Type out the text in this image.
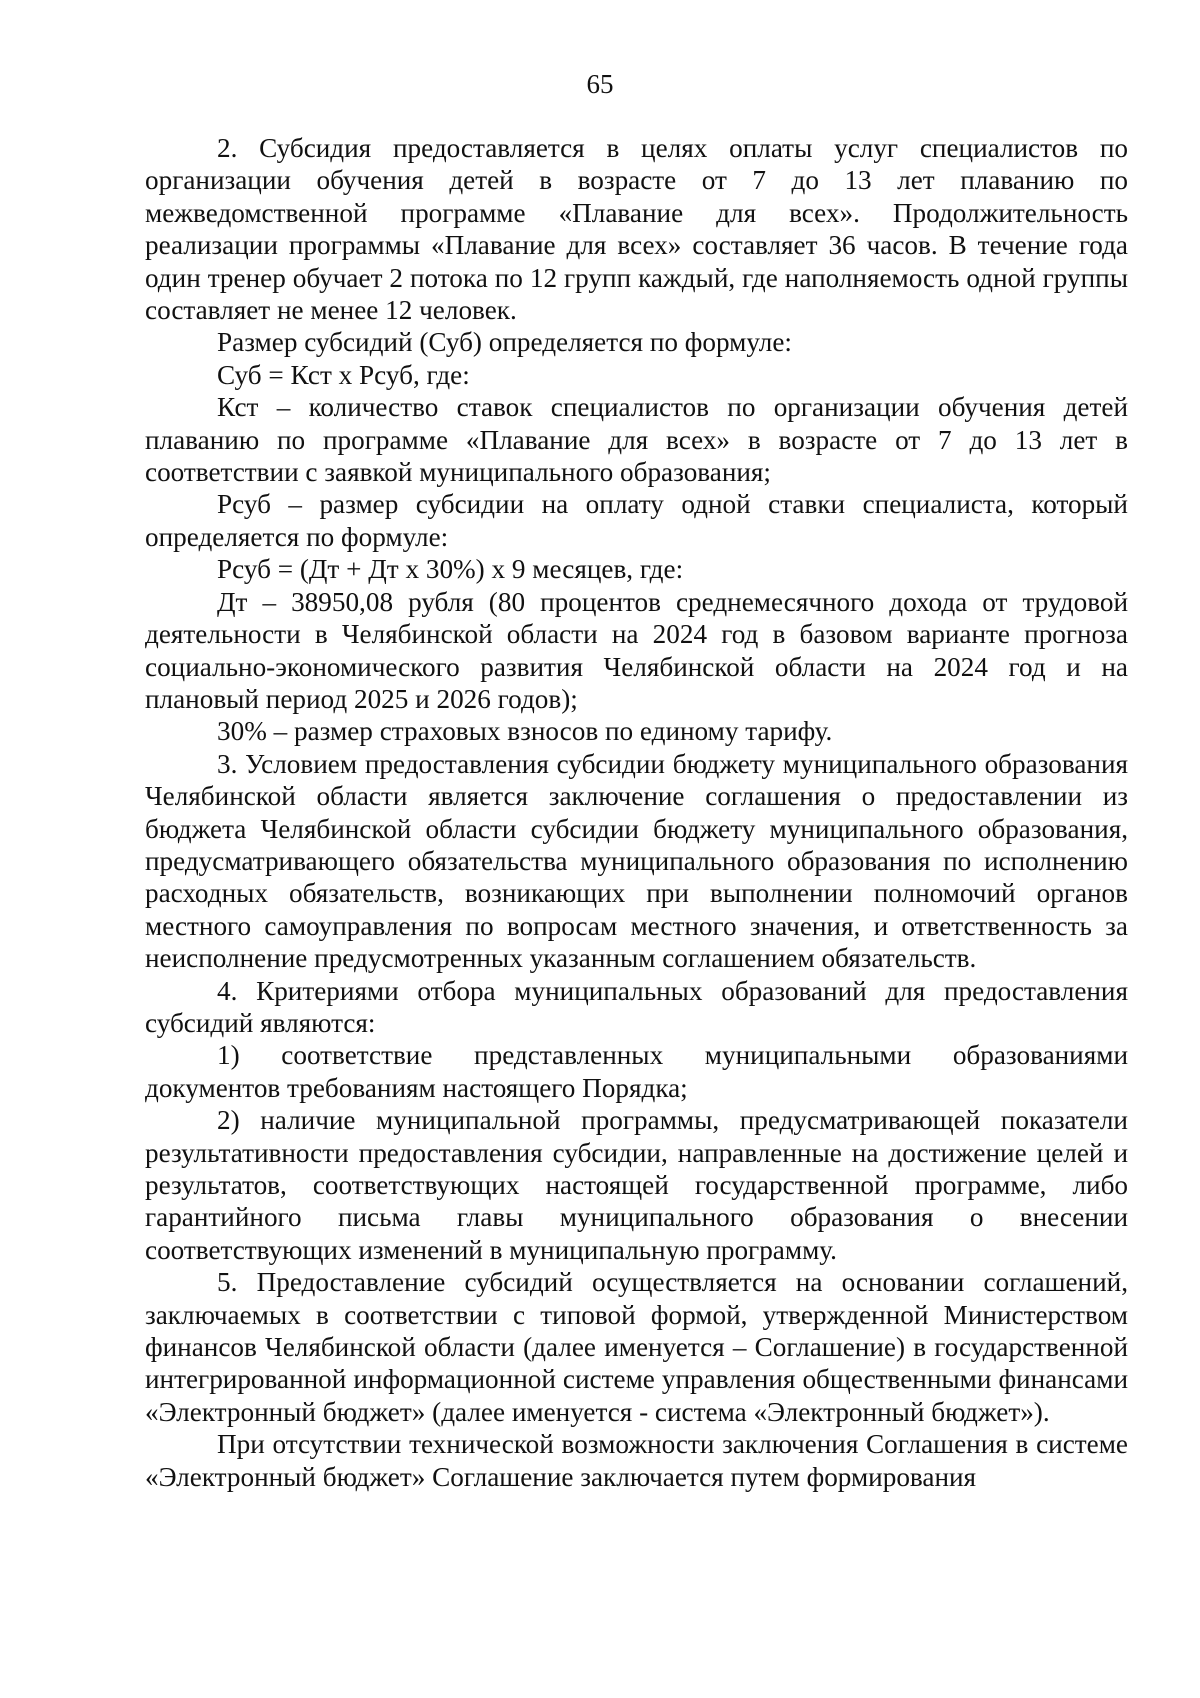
65

2. Субсидия предоставляется в целях оплаты услуг специалистов по организации обучения детей в возрасте от 7 до 13 лет плаванию по межведомственной программе «Плавание для всех». Продолжительность реализации программы «Плавание для всех» составляет 36 часов. В течение года один тренер обучает 2 потока по 12 групп каждый, где наполняемость одной группы составляет не менее 12 человек.

Размер субсидий (Суб) определяется по формуле:

Суб = Кст х Рсуб, где:

Кст – количество ставок специалистов по организации обучения детей плаванию по программе «Плавание для всех» в возрасте от 7 до 13 лет в соответствии с заявкой муниципального образования;

Рсуб – размер субсидии на оплату одной ставки специалиста, который определяется по формуле:

Рсуб = (Дт + Дт х 30%) х 9 месяцев, где:

Дт – 38950,08 рубля (80 процентов среднемесячного дохода от трудовой деятельности в Челябинской области на 2024 год в базовом варианте прогноза социально-экономического развития Челябинской области на 2024 год и на плановый период 2025 и 2026 годов);

30% – размер страховых взносов по единому тарифу.

3. Условием предоставления субсидии бюджету муниципального образования Челябинской области является заключение соглашения о предоставлении из бюджета Челябинской области субсидии бюджету муниципального образования, предусматривающего обязательства муниципального образования по исполнению расходных обязательств, возникающих при выполнении полномочий органов местного самоуправления по вопросам местного значения, и ответственность за неисполнение предусмотренных указанным соглашением обязательств.

4. Критериями отбора муниципальных образований для предоставления субсидий являются:

1) соответствие представленных муниципальными образованиями документов требованиям настоящего Порядка;

2) наличие муниципальной программы, предусматривающей показатели результативности предоставления субсидии, направленные на достижение целей и результатов, соответствующих настоящей государственной программе, либо гарантийного письма главы муниципального образования о внесении соответствующих изменений в муниципальную программу.

5. Предоставление субсидий осуществляется на основании соглашений, заключаемых в соответствии с типовой формой, утвержденной Министерством финансов Челябинской области (далее именуется – Соглашение) в государственной интегрированной информационной системе управления общественными финансами «Электронный бюджет» (далее именуется - система «Электронный бюджет»).

При отсутствии технической возможности заключения Соглашения в системе «Электронный бюджет» Соглашение заключается путем формирования
